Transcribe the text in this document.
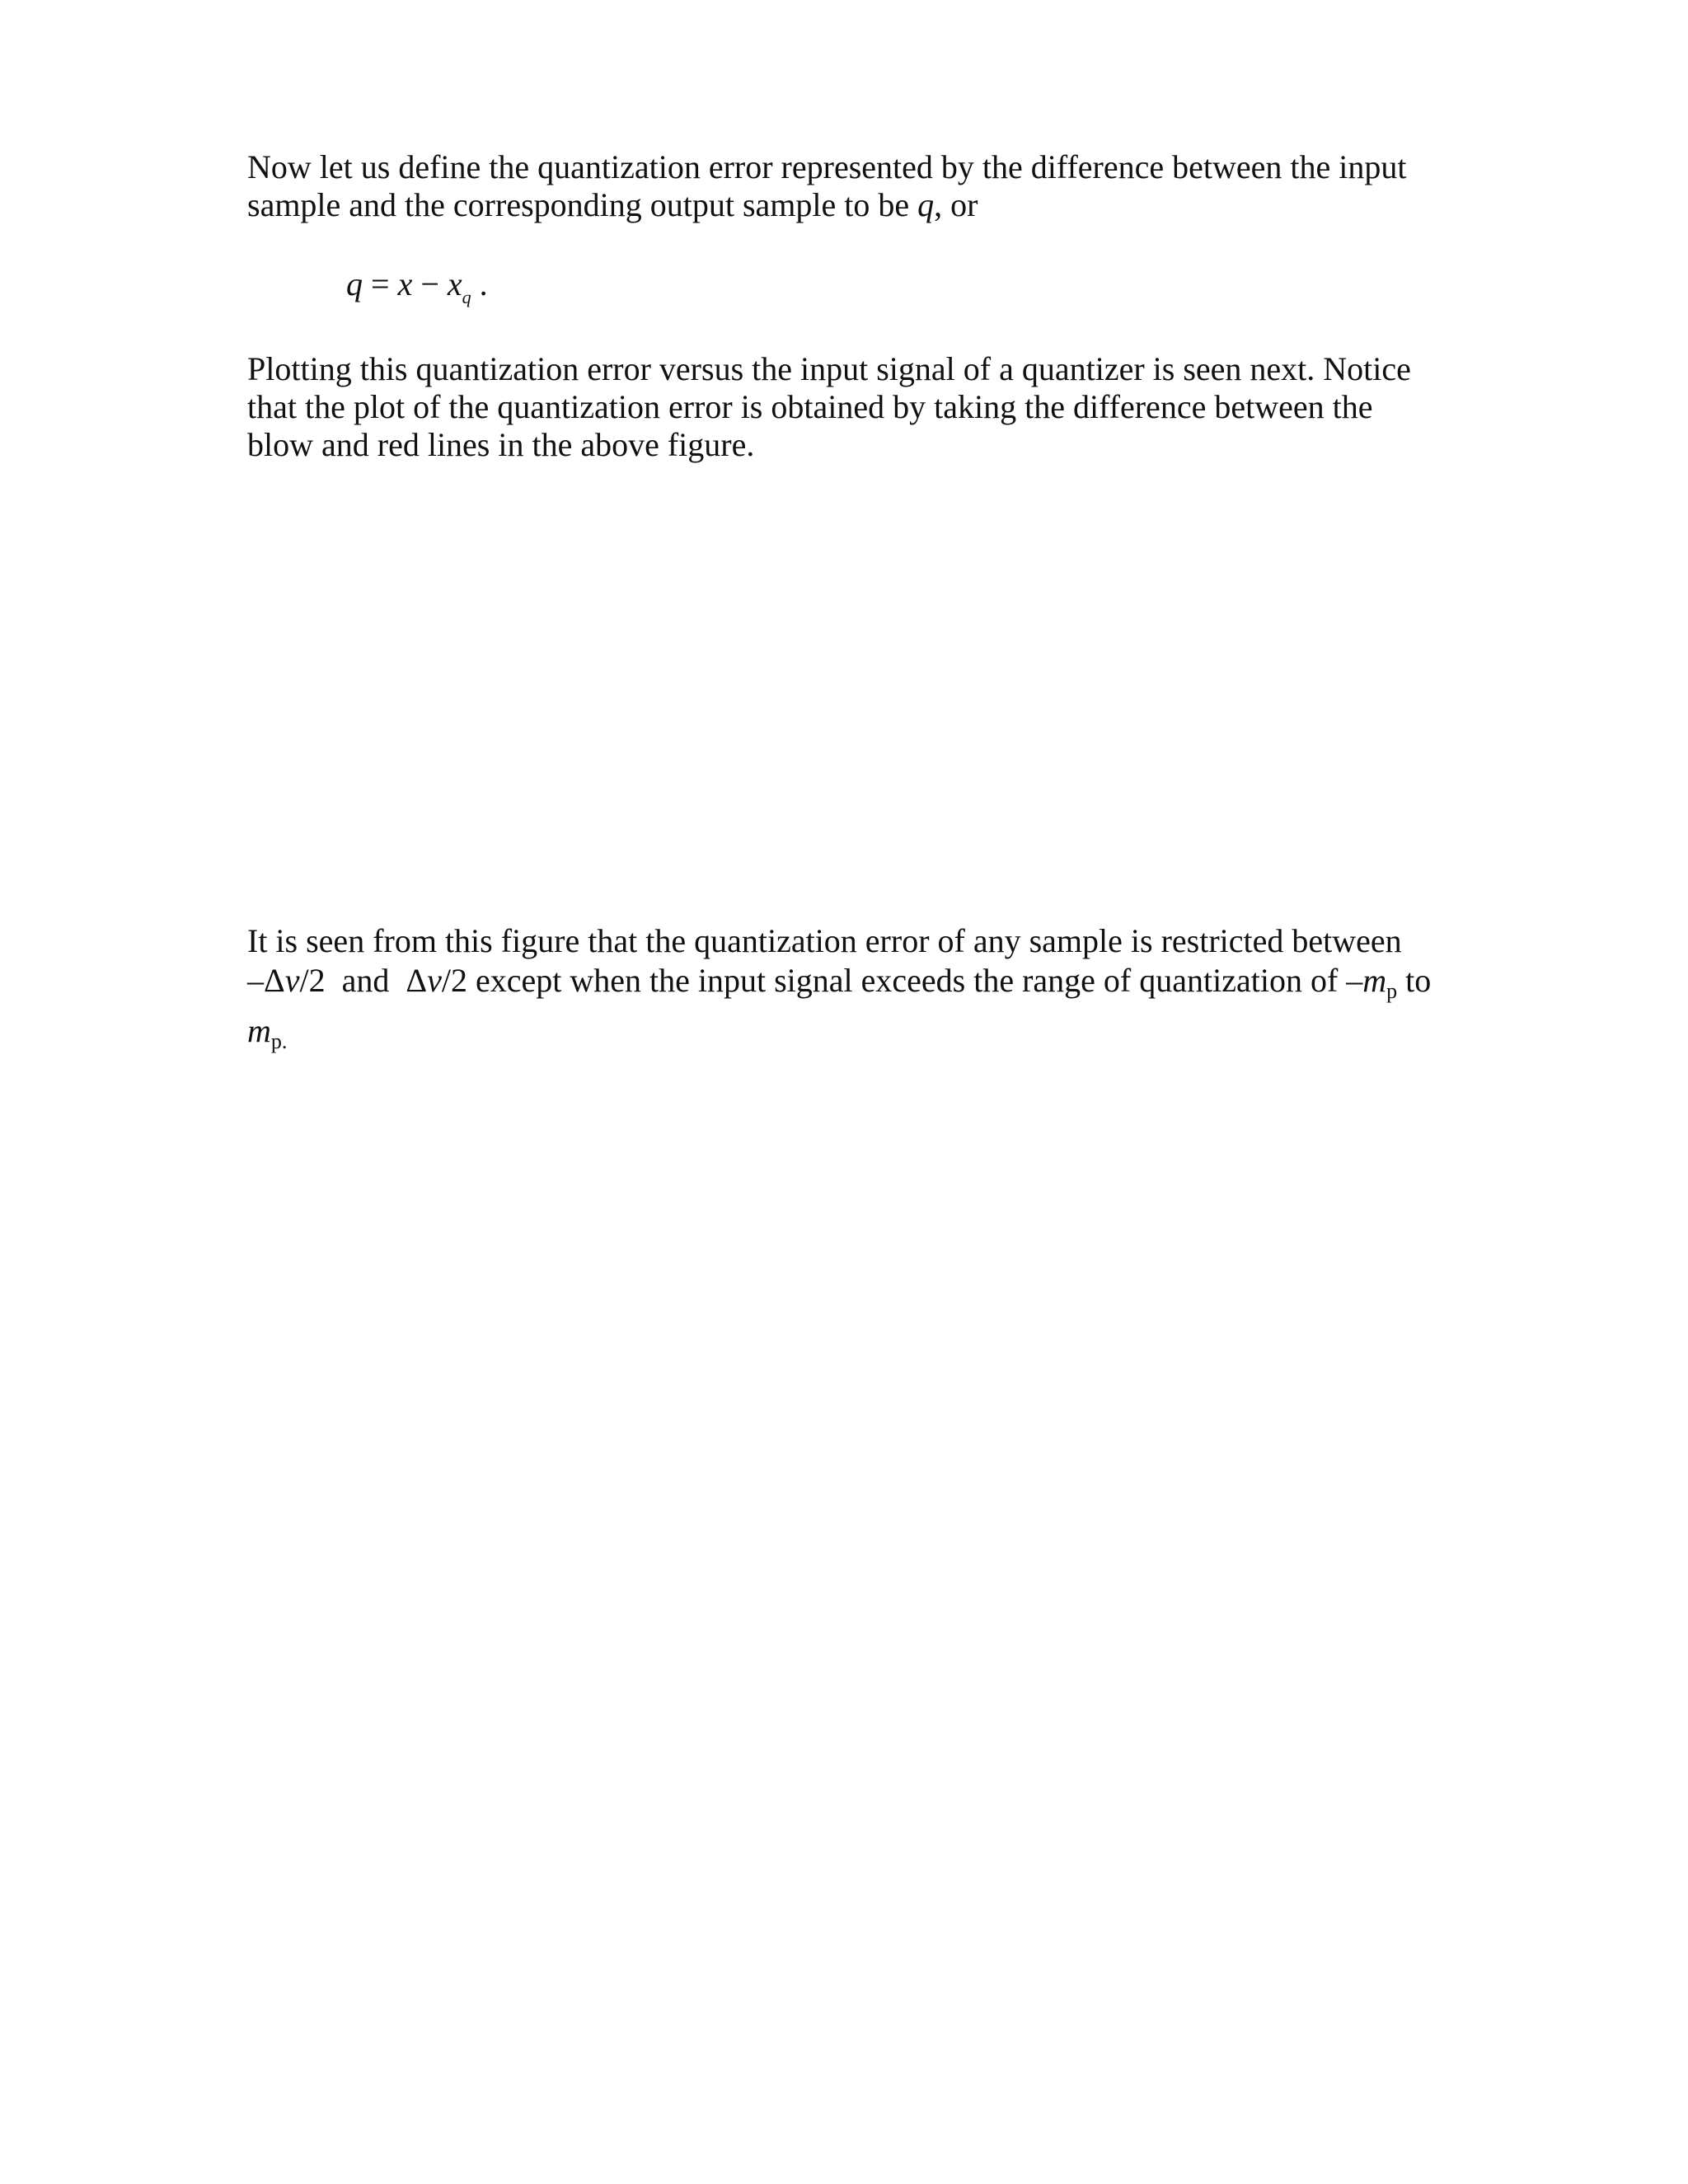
Now let us define the quantization error represented by the difference between the input
sample and the corresponding output sample to be q, or

$q = x - x_q$ .

Plotting this quantization error versus the input signal of a quantizer is seen next. Notice
that the plot of the quantization error is obtained by taking the difference between the
blow and red lines in the above figure.

It is seen from this figure that the quantization error of any sample is restricted between
–Δv/2  and  Δv/2 except when the input signal exceeds the range of quantization of $-m_p$ to
$m_{p.}$
